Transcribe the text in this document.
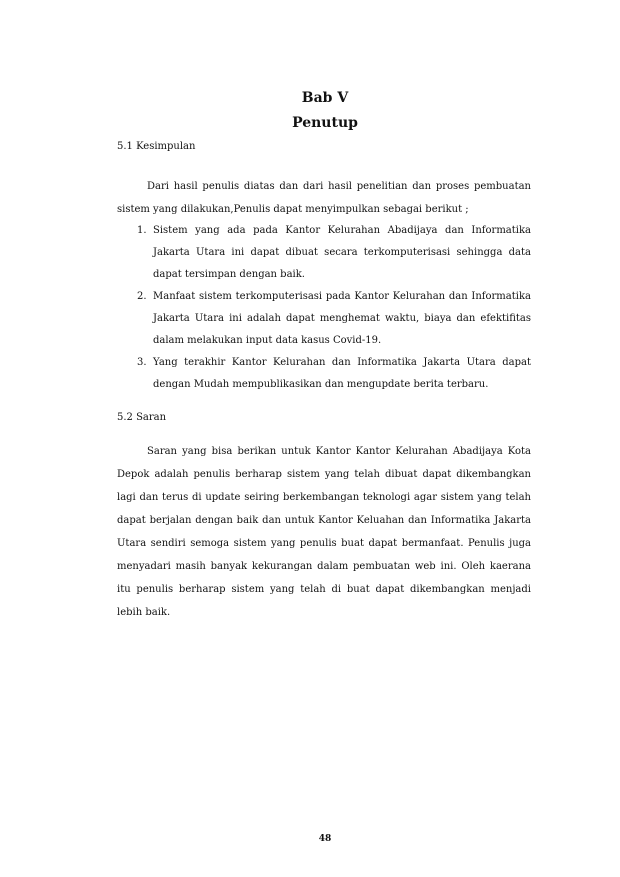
Bab V
Penutup

5.1 Kesimpulan

Dari hasil penulis diatas dan dari hasil penelitian dan proses pembuatan sistem yang dilakukan,Penulis dapat menyimpulkan sebagai berikut ;

1. Sistem yang ada pada Kantor Kelurahan Abadijaya dan Informatika Jakarta Utara ini dapat dibuat secara terkomputerisasi sehingga data dapat tersimpan dengan baik.
2. Manfaat sistem terkomputerisasi pada Kantor Kelurahan dan Informatika Jakarta Utara ini adalah dapat menghemat waktu, biaya dan efektifitas dalam melakukan input data kasus Covid-19.
3. Yang terakhir Kantor Kelurahan dan Informatika Jakarta Utara dapat dengan Mudah mempublikasikan dan mengupdate berita terbaru.

5.2 Saran

Saran yang bisa berikan untuk Kantor Kantor Kelurahan Abadijaya Kota Depok adalah penulis berharap sistem yang telah dibuat dapat dikembangkan lagi dan terus di update seiring berkembangan teknologi agar sistem yang telah dapat berjalan dengan baik dan untuk Kantor Keluahan dan Informatika Jakarta Utara sendiri semoga sistem yang penulis buat dapat bermanfaat. Penulis juga menyadari masih banyak kekurangan dalam pembuatan web ini. Oleh kaerana itu penulis berharap sistem yang telah di buat dapat dikembangkan menjadi lebih baik.

48
